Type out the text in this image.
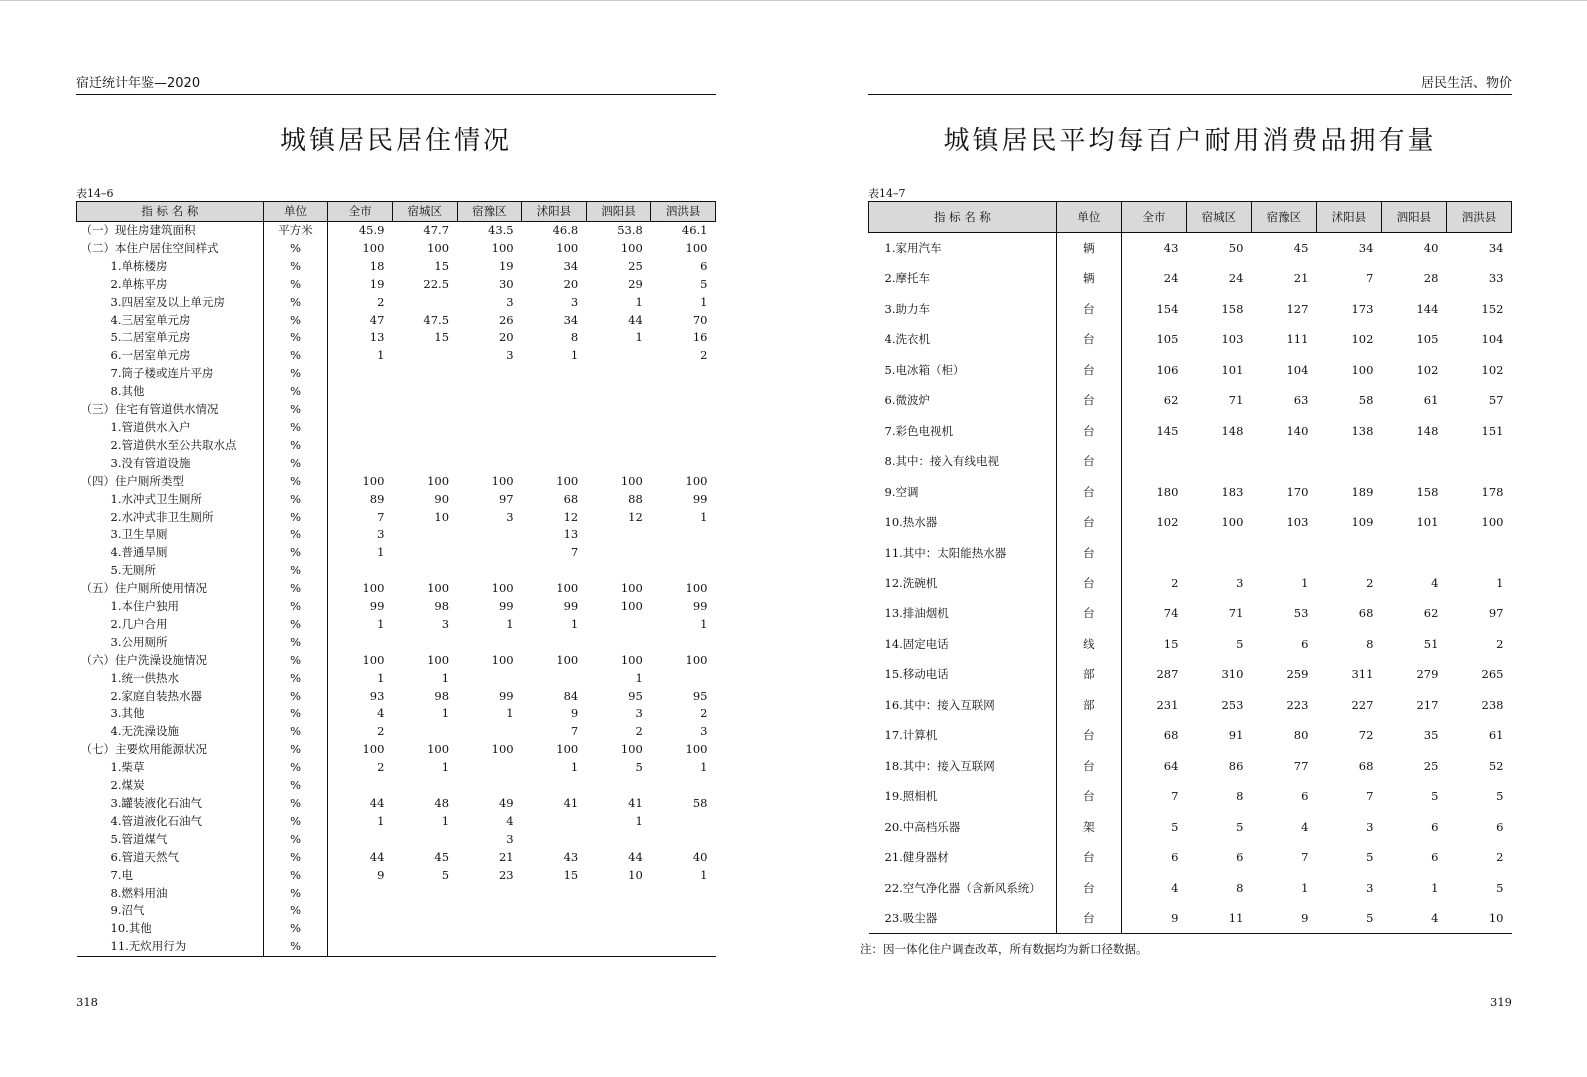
宿迁统计年鉴—2020
城镇居民居住情况
表14–6
指 标 名 称	单位	全市	宿城区	宿豫区	沭阳县	泗阳县	泗洪县
（一）现住房建筑面积	平方米	45.9	47.7	43.5	46.8	53.8	46.1
（二）本住户居住空间样式	%	100	100	100	100	100	100
1.单栋楼房	%	18	15	19	34	25	6
2.单栋平房	%	19	22.5	30	20	29	5
3.四居室及以上单元房	%	2		3	3	1	1
4.三居室单元房	%	47	47.5	26	34	44	70
5.二居室单元房	%	13	15	20	8	1	16
6.一居室单元房	%	1		3	1		2
7.筒子楼或连片平房	%						
8.其他	%						
（三）住宅有管道供水情况	%						
1.管道供水入户	%						
2.管道供水至公共取水点	%						
3.没有管道设施	%						
（四）住户厕所类型	%	100	100	100	100	100	100
1.水冲式卫生厕所	%	89	90	97	68	88	99
2.水冲式非卫生厕所	%	7	10	3	12	12	1
3.卫生旱厕	%	3			13		
4.普通旱厕	%	1			7		
5.无厕所	%						
（五）住户厕所使用情况	%	100	100	100	100	100	100
1.本住户独用	%	99	98	99	99	100	99
2.几户合用	%	1	3	1	1		1
3.公用厕所	%						
（六）住户洗澡设施情况	%	100	100	100	100	100	100
1.统一供热水	%	1	1			1	
2.家庭自装热水器	%	93	98	99	84	95	95
3.其他	%	4	1	1	9	3	2
4.无洗澡设施	%	2			7	2	3
（七）主要炊用能源状况	%	100	100	100	100	100	100
1.柴草	%	2	1		1	5	1
2.煤炭	%						
3.罐装液化石油气	%	44	48	49	41	41	58
4.管道液化石油气	%	1	1	4		1	
5.管道煤气	%			3			
6.管道天然气	%	44	45	21	43	44	40
7.电	%	9	5	23	15	10	1
8.燃料用油	%						
9.沼气	%						
10.其他	%						
11.无炊用行为	%						
318
居民生活、物价
城镇居民平均每百户耐用消费品拥有量
表14–7
指 标 名 称	单位	全市	宿城区	宿豫区	沭阳县	泗阳县	泗洪县
1.家用汽车	辆	43	50	45	34	40	34
2.摩托车	辆	24	24	21	7	28	33
3.助力车	台	154	158	127	173	144	152
4.洗衣机	台	105	103	111	102	105	104
5.电冰箱（柜）	台	106	101	104	100	102	102
6.微波炉	台	62	71	63	58	61	57
7.彩色电视机	台	145	148	140	138	148	151
8.其中：接入有线电视	台						
9.空调	台	180	183	170	189	158	178
10.热水器	台	102	100	103	109	101	100
11.其中：太阳能热水器	台						
12.洗碗机	台	2	3	1	2	4	1
13.排油烟机	台	74	71	53	68	62	97
14.固定电话	线	15	5	6	8	51	2
15.移动电话	部	287	310	259	311	279	265
16.其中：接入互联网	部	231	253	223	227	217	238
17.计算机	台	68	91	80	72	35	61
18.其中：接入互联网	台	64	86	77	68	25	52
19.照相机	台	7	8	6	7	5	5
20.中高档乐器	架	5	5	4	3	6	6
21.健身器材	台	6	6	7	5	6	2
22.空气净化器（含新风系统）	台	4	8	1	3	1	5
23.吸尘器	台	9	11	9	5	4	10
注：因一体化住户调查改革，所有数据均为新口径数据。
319
